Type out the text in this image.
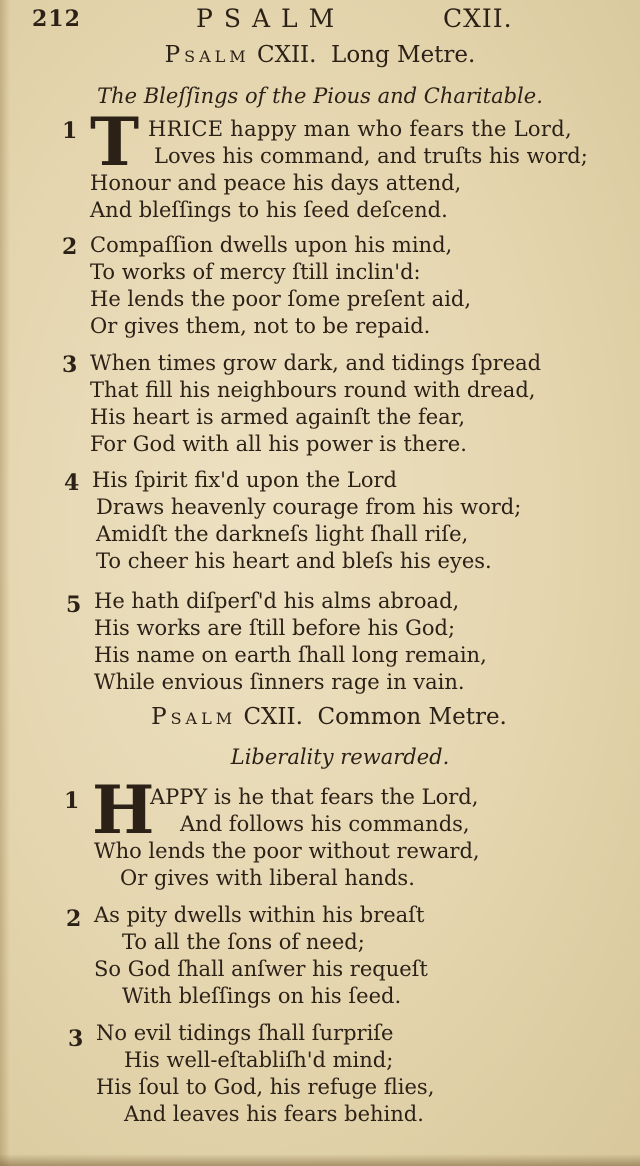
212	PSALM	CXII.
Psalm CXII.  Long Metre.
The Bleſſings of the Pious and Charitable.
1 T HRICE happy man who fears the Lord,
Loves his command, and truſts his word;
Honour and peace his days attend,
And bleſſings to his ſeed deſcend.
2 Compaſſion dwells upon his mind,
To works of mercy ſtill inclin'd:
He lends the poor ſome preſent aid,
Or gives them, not to be repaid.
3 When times grow dark, and tidings ſpread
That fill his neighbours round with dread,
His heart is armed againſt the fear,
For God with all his power is there.
4 His ſpirit fix'd upon the Lord
Draws heavenly courage from his word;
Amidſt the darkneſs light ſhall riſe,
To cheer his heart and bleſs his eyes.
5 He hath diſperſ'd his alms abroad,
His works are ſtill before his God;
His name on earth ſhall long remain,
While envious ſinners rage in vain.
Psalm CXII.  Common Metre.
Liberality rewarded.
1 H
APPY is he that fears the Lord,
And follows his commands,
Who lends the poor without reward,
Or gives with liberal hands.
2 As pity dwells within his breaſt
To all the ſons of need;
So God ſhall anſwer his requeſt
With bleſſings on his ſeed.
3 No evil tidings ſhall ſurpriſe
His well-eſtabliſh'd mind;
His ſoul to God, his refuge flies,
And leaves his fears behind.
